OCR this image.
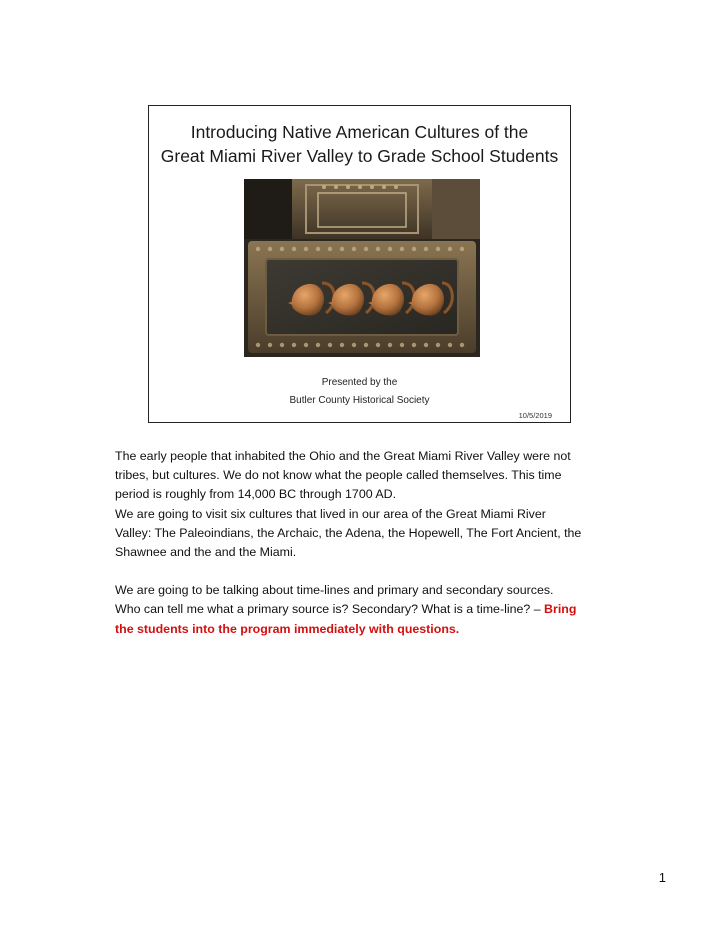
Introducing Native American Cultures of the
Great Miami River Valley to Grade School Students
Presented by the
Butler County Historical Society
10/5/2019

The early people that inhabited the Ohio and the Great Miami River Valley were not

tribes, but cultures. We do not know what the people called themselves. This time

period is roughly from 14,000 BC through 1700 AD.

We are going to visit six cultures that lived in our area of the Great Miami River

Valley: The Paleoindians, the Archaic, the Adena, the Hopewell, The Fort Ancient, the

Shawnee and the and the Miami.

We are going to be talking about time-lines and primary and secondary sources.

Who can tell me what a primary source is? Secondary? What is a time-line? – Bring

the students into the program immediately with questions.

1
